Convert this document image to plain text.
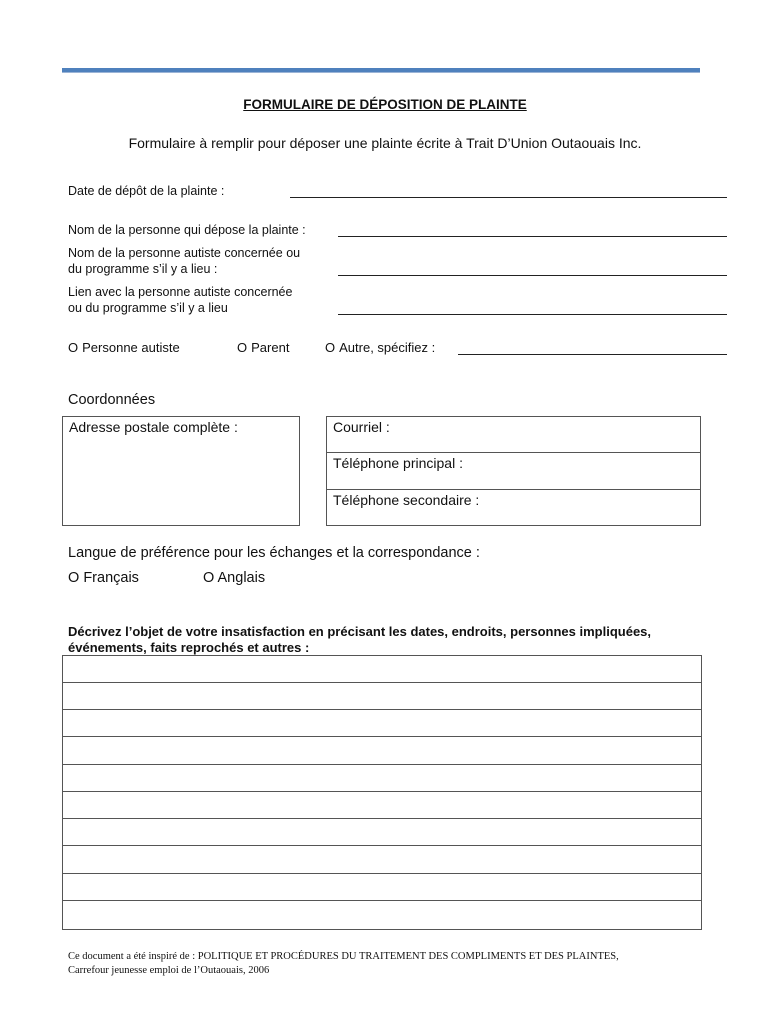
FORMULAIRE DE DÉPOSITION DE PLAINTE
Formulaire à remplir pour déposer une plainte écrite à Trait D’Union Outaouais Inc.
Date de dépôt de la plainte :
Nom de la personne qui dépose la plainte :
Nom de la personne autiste concernée ou
du programme s’il y a lieu :
Lien avec la personne autiste concernée
ou du programme s’il y a lieu
O Personne autiste	O Parent	O Autre, spécifiez :
Coordonnées
Adresse postale complète :	Courriel :
Téléphone principal :
Téléphone secondaire :
Langue de préférence pour les échanges et la correspondance :
O Français	O Anglais
Décrivez l’objet de votre insatisfaction en précisant les dates, endroits, personnes impliquées,
événements, faits reprochés et autres :
Ce document a été inspiré de : POLITIQUE ET PROCÉDURES DU TRAITEMENT DES COMPLIMENTS ET DES PLAINTES,
Carrefour jeunesse emploi de l’Outaouais, 2006
